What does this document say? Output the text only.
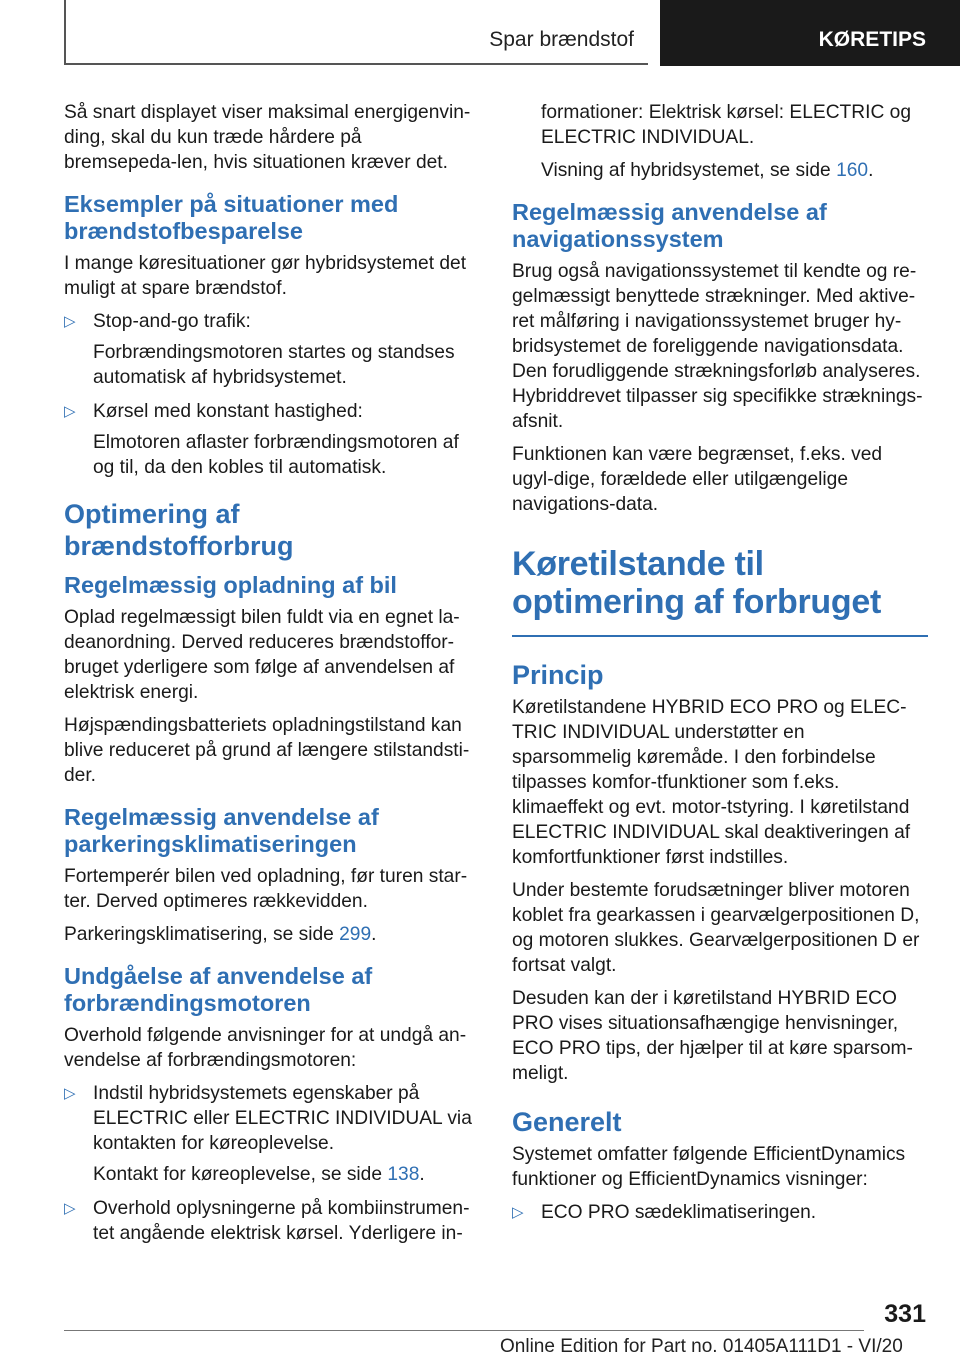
Spar brændstof	KØRETIPS

Så snart displayet viser maksimal energigenvin-ding, skal du kun træde hårdere på bremsepeda-len, hvis situationen kræver det.

Eksempler på situationer med brændstofbesparelse

I mange køresituationer gør hybridsystemet det muligt at spare brændstof.

▷ Stop-and-go trafik:

Forbrændingsmotoren startes og standses automatisk af hybridsystemet.

▷ Kørsel med konstant hastighed:

Elmotoren aflaster forbrændingsmotoren af og til, da den kobles til automatisk.

Optimering af brændstofforbrug
Regelmæssig opladning af bil

Oplad regelmæssigt bilen fuldt via en egnet la-deanordning. Derved reduceres brændstoffor-bruget yderligere som følge af anvendelsen af elektrisk energi.

Højspændingsbatteriets opladningstilstand kan blive reduceret på grund af længere stilstandsti-der.

Regelmæssig anvendelse af parkeringsklimatiseringen

Fortemperér bilen ved opladning, før turen star-ter. Derved optimeres rækkevidden.

Parkeringsklimatisering, se side 299.

Undgåelse af anvendelse af forbrændingsmotoren

Overhold følgende anvisninger for at undgå an-vendelse af forbrændingsmotoren:

▷ Indstil hybridsystemets egenskaber på ELECTRIC eller ELECTRIC INDIVIDUAL via kontakten for køreoplevelse.

Kontakt for køreoplevelse, se side 138.

▷ Overhold oplysningerne på kombiinstrumen-tet angående elektrisk kørsel. Yderligere in-

formationer: Elektrisk kørsel: ELECTRIC og ELECTRIC INDIVIDUAL.

Visning af hybridsystemet, se side 160.

Regelmæssig anvendelse af navigationssystem

Brug også navigationssystemet til kendte og re-gelmæssigt benyttede strækninger. Med aktive-ret målføring i navigationssystemet bruger hy-bridsystemet de foreliggende navigationsdata. Den forudliggende strækningsforløb analyseres. Hybriddrevet tilpasser sig specifikke stræknings-afsnit.

Funktionen kan være begrænset, f.eks. ved ugyl-dige, forældede eller utilgængelige navigations-data.

Køretilstande til optimering af forbruget
Princip

Køretilstandene HYBRID ECO PRO og ELEC-TRIC INDIVIDUAL understøtter en sparsommelig køremåde. I den forbindelse tilpasses komfor-tfunktioner som f.eks. klimaeffekt og evt. motor-tstyring. I køretilstand ELECTRIC INDIVIDUAL skal deaktiveringen af komfortfunktioner først indstilles.

Under bestemte forudsætninger bliver motoren koblet fra gearkassen i gearvælgerpositionen D, og motoren slukkes. Gearvælgerpositionen D er fortsat valgt.

Desuden kan der i køretilstand HYBRID ECO PRO vises situationsafhængige henvisninger, ECO PRO tips, der hjælper til at køre sparsom-meligt.

Generelt

Systemet omfatter følgende EfficientDynamics funktioner og EfficientDynamics visninger:

▷ ECO PRO sædeklimatiseringen.

331
Online Edition for Part no. 01405A111D1 - VI/20
